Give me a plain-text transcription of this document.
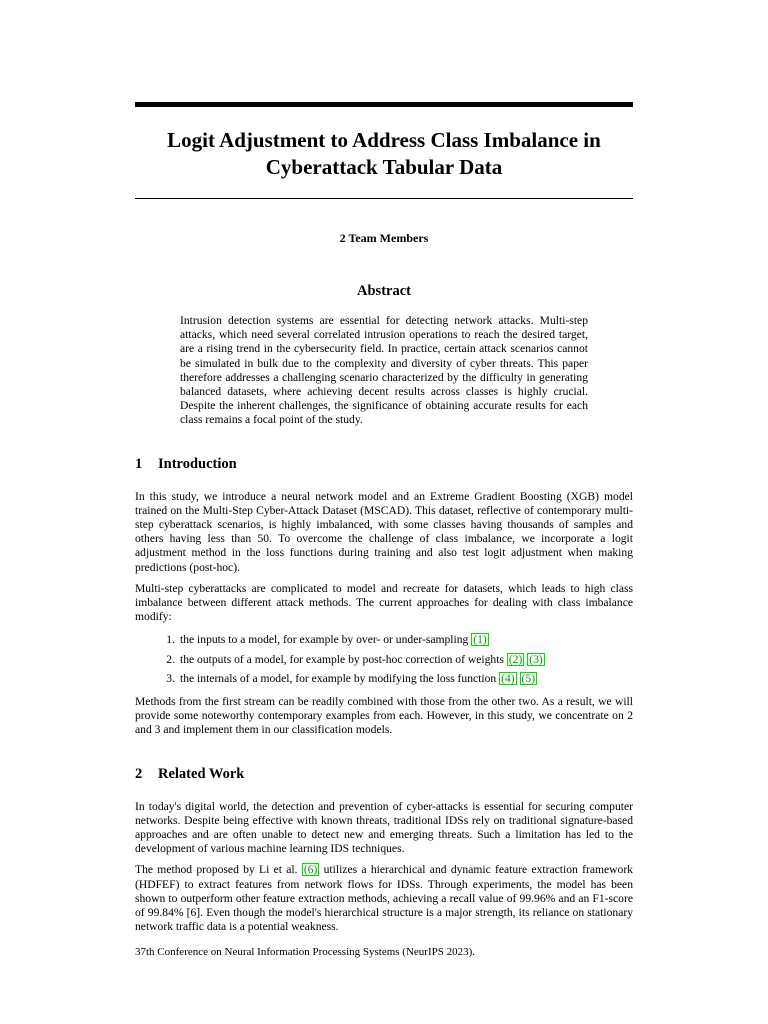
Logit Adjustment to Address Class Imbalance in Cyberattack Tabular Data
2 Team Members
Abstract
Intrusion detection systems are essential for detecting network attacks. Multi-step attacks, which need several correlated intrusion operations to reach the desired target, are a rising trend in the cybersecurity field. In practice, certain attack scenarios cannot be simulated in bulk due to the complexity and diversity of cyber threats. This paper therefore addresses a challenging scenario characterized by the difficulty in generating balanced datasets, where achieving decent results across classes is highly crucial. Despite the inherent challenges, the significance of obtaining accurate results for each class remains a focal point of the study.
1	Introduction
In this study, we introduce a neural network model and an Extreme Gradient Boosting (XGB) model trained on the Multi-Step Cyber-Attack Dataset (MSCAD). This dataset, reflective of contemporary multi-step cyberattack scenarios, is highly imbalanced, with some classes having thousands of samples and others having less than 50. To overcome the challenge of class imbalance, we incorporate a logit adjustment method in the loss functions during training and also test logit adjustment when making predictions (post-hoc).
Multi-step cyberattacks are complicated to model and recreate for datasets, which leads to high class imbalance between different attack methods. The current approaches for dealing with class imbalance modify:
1. the inputs to a model, for example by over- or under-sampling (1)
2. the outputs of a model, for example by post-hoc correction of weights (2) (3)
3. the internals of a model, for example by modifying the loss function (4) (5)
Methods from the first stream can be readily combined with those from the other two. As a result, we will provide some noteworthy contemporary examples from each. However, in this study, we concentrate on 2 and 3 and implement them in our classification models.
2	Related Work
In today's digital world, the detection and prevention of cyber-attacks is essential for securing computer networks. Despite being effective with known threats, traditional IDSs rely on traditional signature-based approaches and are often unable to detect new and emerging threats. Such a limitation has led to the development of various machine learning IDS techniques.
The method proposed by Li et al. (6) utilizes a hierarchical and dynamic feature extraction framework (HDFEF) to extract features from network flows for IDSs. Through experiments, the model has been shown to outperform other feature extraction methods, achieving a recall value of 99.96% and an F1-score of 99.84% [6]. Even though the model's hierarchical structure is a major strength, its reliance on stationary network traffic data is a potential weakness.
37th Conference on Neural Information Processing Systems (NeurIPS 2023).
